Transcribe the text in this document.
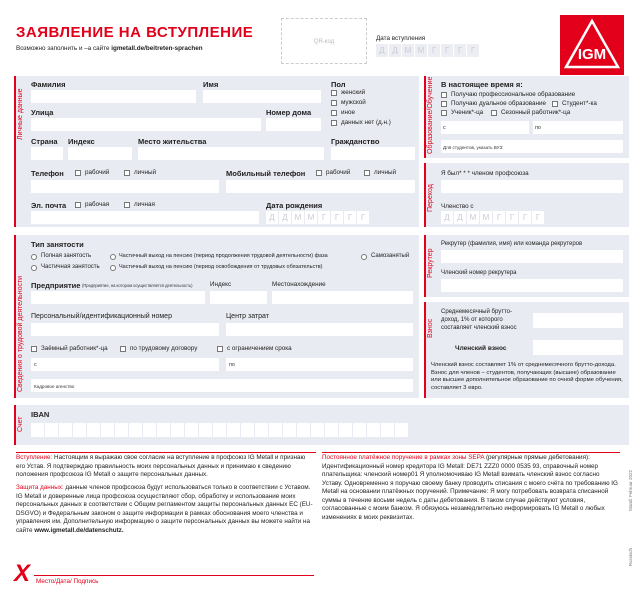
ЗАЯВЛЕНИЕ НА ВСТУПЛЕНИЕ
Возможно заполнить и –а сайте igmetall.de/beitreten-sprachen
QR-код	Дата вступления
Д Д М М Г	Г	Г	Г	IGM
Личные данные
Фамилия	Имя	Пол
женский
мужской
иное
данных нет (д.н.)
Улица	Номер дома
Страна Индекс	Место жительства	Гражданство
Телефон	рабочий	личный	Мобильный телефон	рабочий	личный
Эл. почта	рабочая	личная	Дата рождения
Д Д М М Г	Г	Г	Г
Образование/Обучение В настоящее время я:
Получаю профессиональное образование
Получаю дуальное образование	Студент*-ка
Ученик*-ца	Сезонный работник*-ца
с	по
Для студентов, указать ВУЗ:
Переход
Я был* * * членом профсоюза
Членство с
Д Д М М Г	Г	Г	Г
Сведения о трудовой деятельности
Тип занятости
Полная занятость	Частичный выход на пенсию (период продолжения трудовой деятельности) фаза	Самозанятый
Частичная занятость	Частичный выход на пенсию (период освобождения от трудовых обязательств)
Предприятие (Предприятие, на котором осуществляется деятельность)	Индекс	Местонахождение
Персональный/идентификационный номер	Центр затрат
Заёмный работник*-ца	по трудовому договору	с ограничением срока
с	по
Кадровое агенство
Рекрутер
Рекрутер (фамилия, имя) или команда рекрутеров
Членский номер рекрутера
Взнос
Среднемесячный брутто-доход, 1% от которого составляет членский взнос
Членский взнос
Членский взнос составляет 1% от среднемесячного брутто-дохода. Взнос для членов – студентов, получающих (высшее) образование или высшее дополнительное образование по очной форме обучения, составляет 3 евро.
Счет
IBAN
Вступление: Настоящим я выражаю свое согласие на вступление в профсоюз IG Metall и признаю его Устав. Я подтверждаю правильность моих персональных данных и принимаю к сведению положения профсоюза IG Metall о защите персональных данных.
Защита данных: данные членов профсоюза будут использоваться только в соответствии с Уставом. IG Metall и доверенные лица профсоюза осуществляют сбор, обработку и использование моих персональных данных в соответствии с Общим регламентом защиты персональных данных ЕС (EU-DSGVO) и Федеральным законом о защите информации в рамках обоснования моего членства и управления им. Дополнительную информацию о защите персональных данных вы можете найти на сайте www.igmetall.de/datenschutz.
Постоянное платёжное поручение в рамках зоны SEPA (регулярные прямые дебетования): Идентификационный номер кредитора IG Metall: DE71 ZZZ0 0000 0535 93, справочный номер плательщика: членский номер01 Я уполномочиваю IG Metall взимать членский взнос согласно Уставу. Одновременно я поручаю своему банку проводить списания с моего счёта по требованию IG Metall на основании платёжных поручений. Примечание: Я могу потребовать возврата списанной суммы в течение восьми недель с даты дебетования. В таком случае действуют условия, согласованные с моим банком. Я обязуюсь незамедлительно информировать IG Metall о любых изменениях в моих реквизитах.
Stand: Februar 2022
Russisch
X Место/Дата/ Подпись
